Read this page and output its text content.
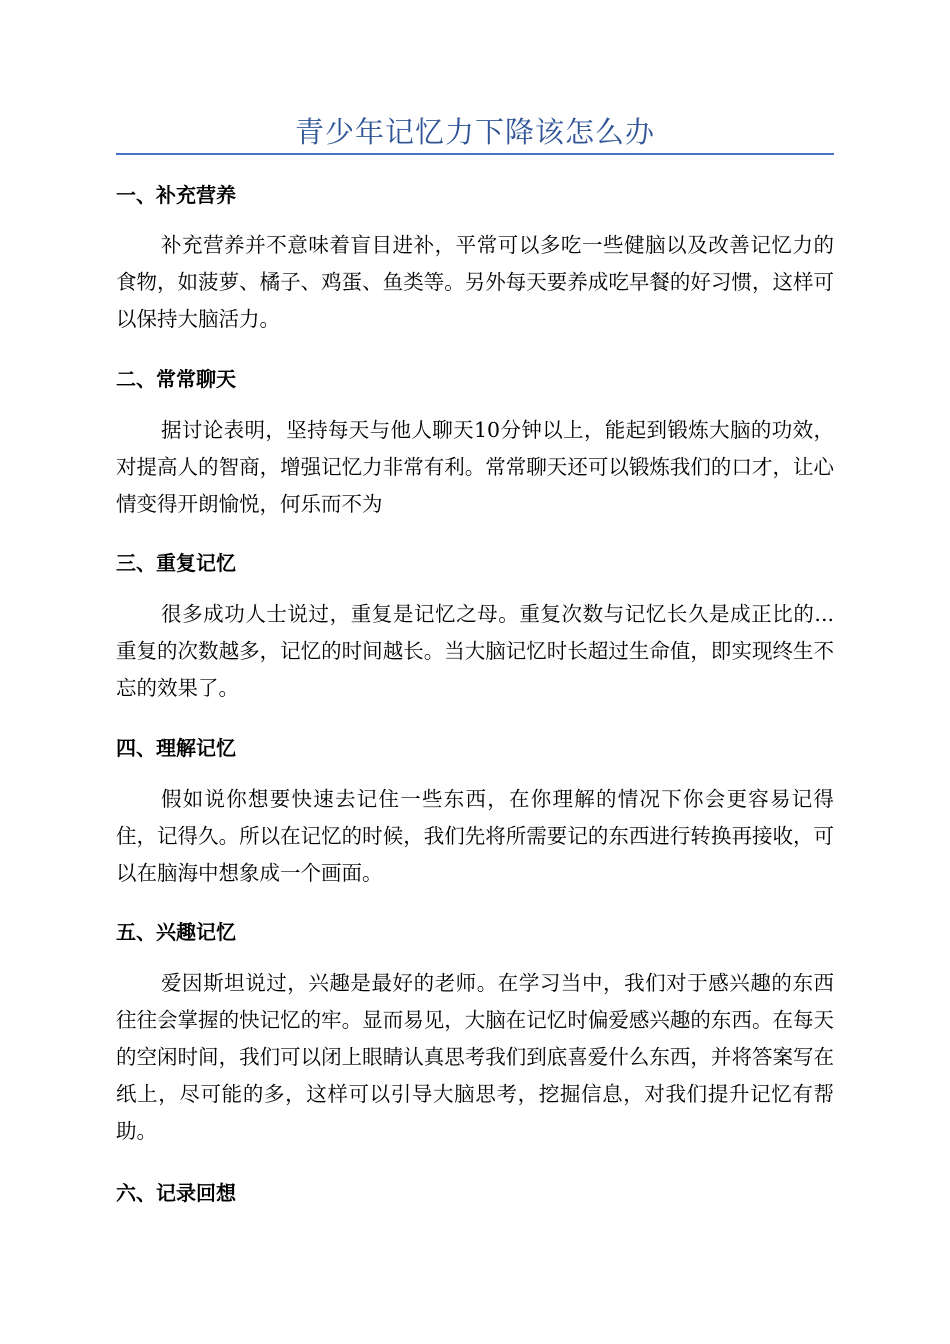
青少年记忆力下降该怎么办
一、补充营养

补充营养并不意味着盲目进补，平常可以多吃一些健脑以及改善记忆力的食物，如菠萝、橘子、鸡蛋、鱼类等。另外每天要养成吃早餐的好习惯，这样可以保持大脑活力。

二、常常聊天

据讨论表明，坚持每天与他人聊天10分钟以上，能起到锻炼大脑的功效，对提高人的智商，增强记忆力非常有利。常常聊天还可以锻炼我们的口才，让心情变得开朗愉悦，何乐而不为

三、重复记忆

很多成功人士说过，重复是记忆之母。重复次数与记忆长久是成正比的...重复的次数越多，记忆的时间越长。当大脑记忆时长超过生命值，即实现终生不忘的效果了。

四、理解记忆

假如说你想要快速去记住一些东西，在你理解的情况下你会更容易记得住，记得久。所以在记忆的时候，我们先将所需要记的东西进行转换再接收，可以在脑海中想象成一个画面。

五、兴趣记忆

爱因斯坦说过，兴趣是最好的老师。在学习当中，我们对于感兴趣的东西往往会掌握的快记忆的牢。显而易见，大脑在记忆时偏爱感兴趣的东西。在每天的空闲时间，我们可以闭上眼睛认真思考我们到底喜爱什么东西，并将答案写在纸上，尽可能的多，这样可以引导大脑思考，挖掘信息，对我们提升记忆有帮助。

六、记录回想
